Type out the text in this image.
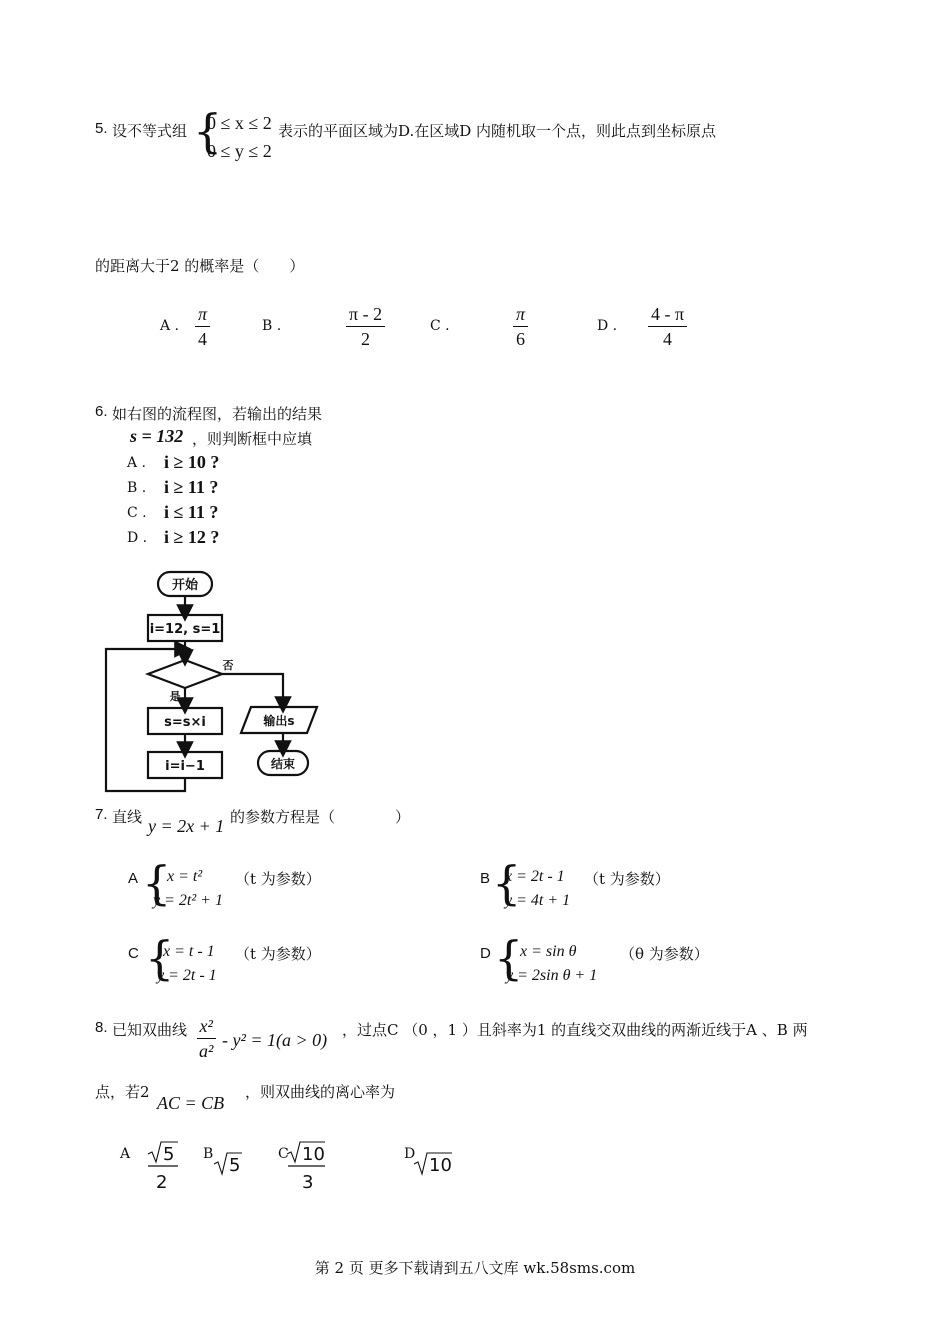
5. 设不等式组 {
0 ≤ x ≤ 2
0 ≤ y ≤ 2
表示的平面区域为D.在区域D 内随机取一个点，则此点到坐标原点
的距离大于2 的概率是（　　）
A . $\frac{\pi}{4}$	B .	$\frac{\pi - 2}{2}$	C .	$\frac{\pi}{6}$	D . $\frac{4 - \pi}{4}$
6. 如右图的流程图，若输出的结果
s = 132 ，则判断框中应填
A . i ≥ 10 ?
B . i ≥ 11 ?
C . i ≤ 11 ?
D . i ≥ 12 ?
开始
i=12, s=1
否
是
s=s×i	输出s
i=i−1	结束
7. 直线 y = 2x + 1 的参数方程是（　　　　）
A {
x = t²
y = 2t² + 1
（t 为参数）	B {
x = 2t - 1
y = 4t + 1
（t 为参数）
C {
x = t - 1
y = 2t - 1
（t 为参数）	D {
x = sin θ
y = 2sin θ + 1
（θ 为参数）
8. 已知双曲线 $\frac{\text{x²}}{\text{a²}} - y^2 = 1(a > 0)$ ，过点C （0 ，1 ）且斜率为1 的直线交双曲线的两渐近线于A 、B 两
点，若2
AC = CB
，则双曲线的离心率为
A 5
2
B
5
C 10
3
D
10
第 2 页 更多下载请到五八文库 wk.58sms.com
